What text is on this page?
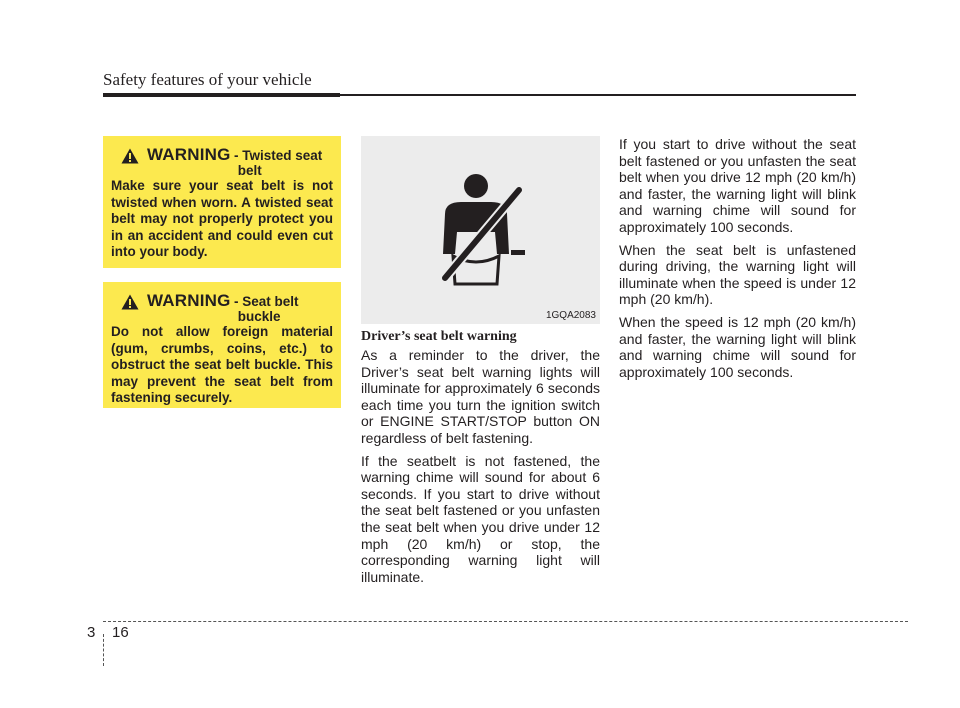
Safety features of your vehicle
WARNING - Twisted seat
belt
Make sure your seat belt is not twisted when worn. A twisted seat belt may not properly protect you in an accident and could even cut into your body.
WARNING - Seat belt
buckle
Do not allow foreign material (gum, crumbs, coins, etc.) to obstruct the seat belt buckle. This may prevent the seat belt from fastening securely.
1GQA2083
Driver’s seat belt warning

As a reminder to the driver, the Driver’s seat belt warning lights will illuminate for approximately 6 seconds each time you turn the ignition switch or ENGINE START/STOP button ON regardless of belt fastening.

If the seatbelt is not fastened, the warning chime will sound for about 6 seconds. If you start to drive without the seat belt fastened or you unfasten the seat belt when you drive under 12 mph (20 km/h) or stop, the corresponding warning light will illuminate.

If you start to drive without the seat belt fastened or you unfasten the seat belt when you drive 12 mph (20 km/h) and faster, the warning light will blink and warning chime will sound for approximately 100 seconds.

When the seat belt is unfastened during driving, the warning light will illuminate when the speed is under 12 mph (20 km/h).

When the speed is 12 mph (20 km/h) and faster, the warning light will blink and warning chime will sound for approximately 100 seconds.

3 16
